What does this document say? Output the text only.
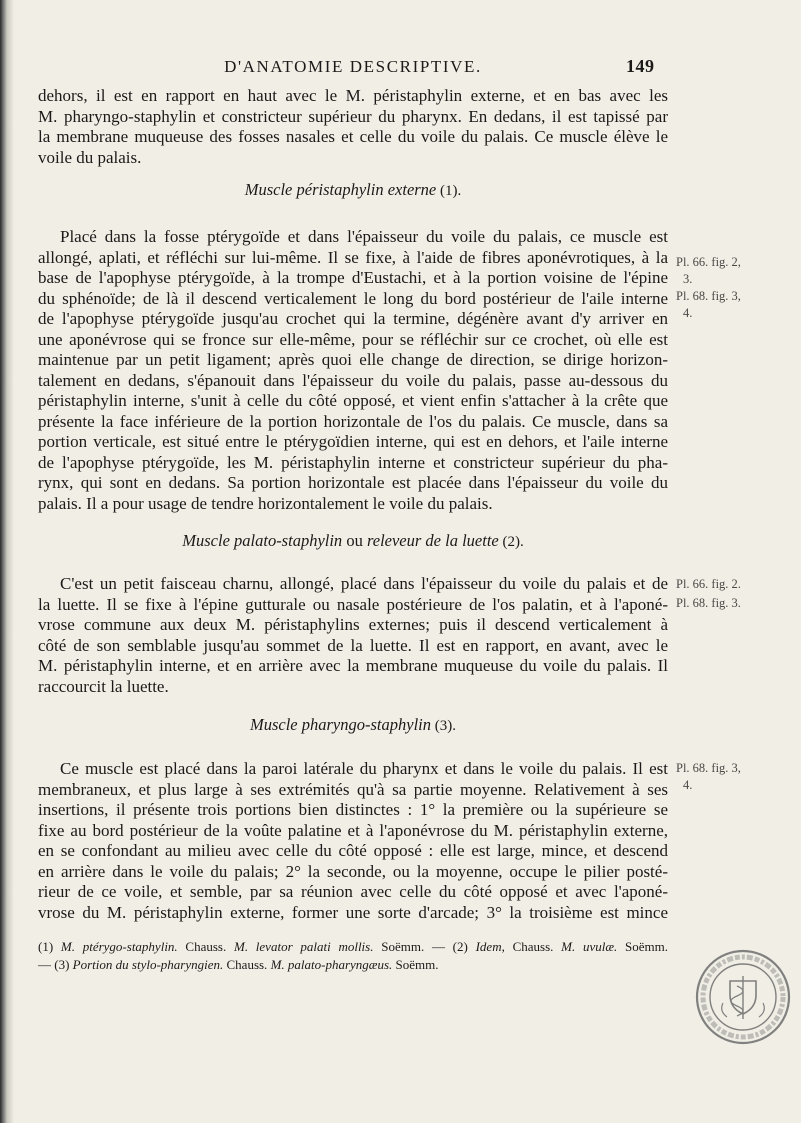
D'ANATOMIE DESCRIPTIVE.	149
dehors, il est en rapport en haut avec le M. péristaphylin externe, et en bas avec les
M. pharyngo-staphylin et constricteur supérieur du pharynx. En dedans, il est tapissé par
la membrane muqueuse des fosses nasales et celle du voile du palais. Ce muscle élève le
voile du palais.
Muscle péristaphylin externe (1).
Placé dans la fosse ptérygoïde et dans l'épaisseur du voile du palais, ce muscle est
allongé, aplati, et réfléchi sur lui-même. Il se fixe, à l'aide de fibres aponévrotiques, à la
base de l'apophyse ptérygoïde, à la trompe d'Eustachi, et à la portion voisine de l'épine
du sphénoïde; de là il descend verticalement le long du bord postérieur de l'aile interne
de l'apophyse ptérygoïde jusqu'au crochet qui la termine, dégénère avant d'y arriver en
une aponévrose qui se fronce sur elle-même, pour se réfléchir sur ce crochet, où elle est
maintenue par un petit ligament; après quoi elle change de direction, se dirige horizon-
talement en dedans, s'épanouit dans l'épaisseur du voile du palais, passe au-dessous du
péristaphylin interne, s'unit à celle du côté opposé, et vient enfin s'attacher à la crête que
présente la face inférieure de la portion horizontale de l'os du palais. Ce muscle, dans sa
portion verticale, est situé entre le ptérygoïdien interne, qui est en dehors, et l'aile interne
de l'apophyse ptérygoïde, les M. péristaphylin interne et constricteur supérieur du pha-
rynx, qui sont en dedans. Sa portion horizontale est placée dans l'épaisseur du voile du
palais. Il a pour usage de tendre horizontalement le voile du palais.
Pl. 66. fig. 2,
3.
Pl. 68. fig. 3,
4.
Muscle palato-staphylin ou releveur de la luette (2).
C'est un petit faisceau charnu, allongé, placé dans l'épaisseur du voile du palais et de
la luette. Il se fixe à l'épine gutturale ou nasale postérieure de l'os palatin, et à l'aponé-
vrose commune aux deux M. péristaphylins externes; puis il descend verticalement à
côté de son semblable jusqu'au sommet de la luette. Il est en rapport, en avant, avec le
M. péristaphylin interne, et en arrière avec la membrane muqueuse du voile du palais. Il
raccourcit la luette.
Pl. 66. fig. 2.
Pl. 68. fig. 3.
Muscle pharyngo-staphylin (3).
Ce muscle est placé dans la paroi latérale du pharynx et dans le voile du palais. Il est
membraneux, et plus large à ses extrémités qu'à sa partie moyenne. Relativement à ses
insertions, il présente trois portions bien distinctes : 1° la première ou la supérieure se
fixe au bord postérieur de la voûte palatine et à l'aponévrose du M. péristaphylin externe,
en se confondant au milieu avec celle du côté opposé : elle est large, mince, et descend
en arrière dans le voile du palais; 2° la seconde, ou la moyenne, occupe le pilier posté-
rieur de ce voile, et semble, par sa réunion avec celle du côté opposé et avec l'aponé-
vrose du M. péristaphylin externe, former une sorte d'arcade; 3° la troisième est mince
Pl. 68. fig. 3,
4.
(1) M. ptérygo-staphylin. Chauss. M. levator palati mollis. Soëmm. — (2) Idem, Chauss. M. uvulæ. Soëmm.
— (3) Portion du stylo-pharyngien. Chauss. M. palato-pharyngæus. Soëmm.
